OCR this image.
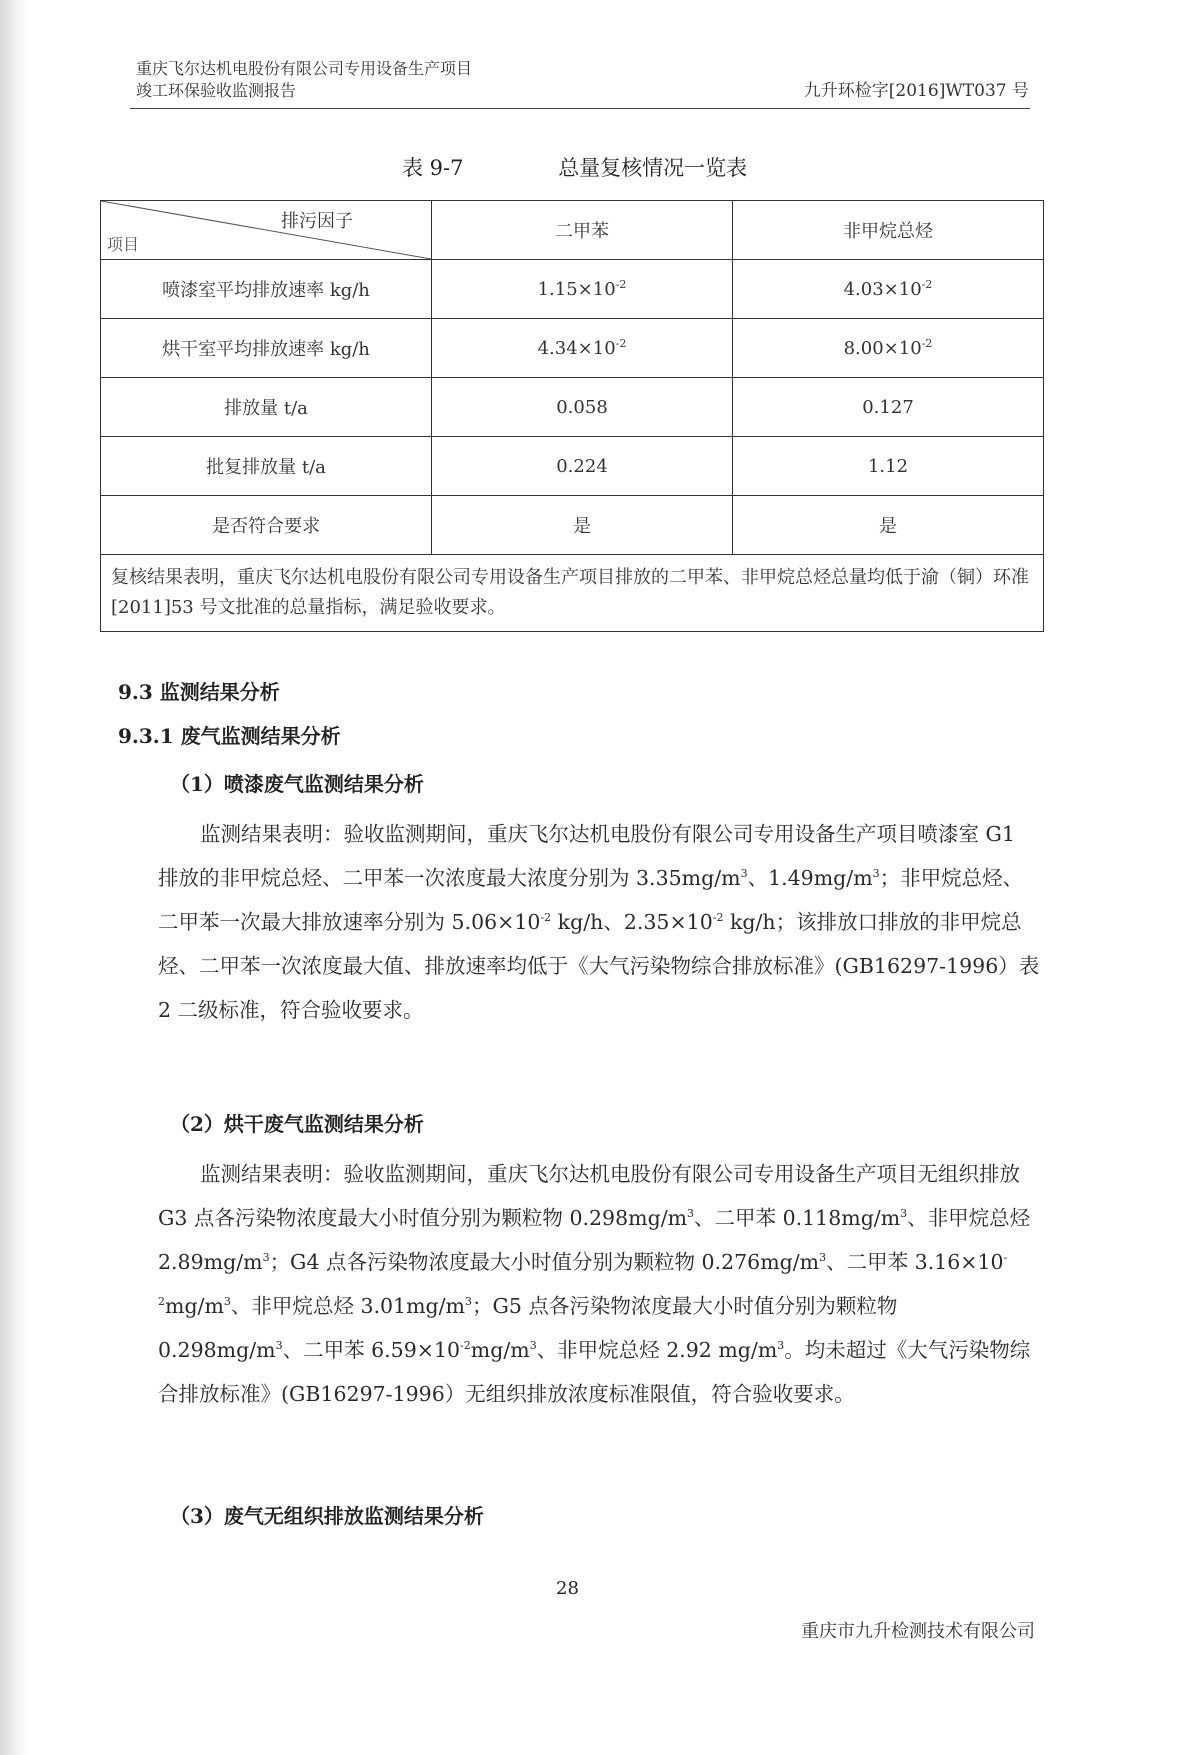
重庆飞尔达机电股份有限公司专用设备生产项目
竣工环保验收监测报告	九升环检字[2016]WT037 号
表 9-7	总量复核情况一览表
排污因子
项目	二甲苯	非甲烷总烃
喷漆室平均排放速率 kg/h	$1.15\times 10^{-2}$	$4.03\times 10^{-2}$
烘干室平均排放速率 kg/h	$4.34\times 10^{-2}$	$8.00\times 10^{-2}$
排放量 t/a	0.058	0.127
批复排放量 t/a	0.224	1.12
是否符合要求	是	是
复核结果表明，重庆飞尔达机电股份有限公司专用设备生产项目排放的二甲苯、非甲烷总烃总量均低于渝（铜）环准[2011]53 号文批准的总量指标，满足验收要求。		
9.3 监测结果分析
9.3.1 废气监测结果分析
（1）喷漆废气监测结果分析
监测结果表明：验收监测期间，重庆飞尔达机电股份有限公司专用设备生产项目喷漆室 G1 排放的非甲烷总烃、二甲苯一次浓度最大浓度分别为 $3.35mg/m^3$、$1.49mg/m^3$；非甲烷总烃、二甲苯一次最大排放速率分别为 $5.06\times 10^{-2}$ kg/h、$2.35\times 10^{-2}$ kg/h；该排放口排放的非甲烷总烃、二甲苯一次浓度最大值、排放速率均低于《大气污染物综合排放标准》(GB16297-1996）表 2 二级标准，符合验收要求。
（2）烘干废气监测结果分析
监测结果表明：验收监测期间，重庆飞尔达机电股份有限公司专用设备生产项目无组织排放 G3 点各污染物浓度最大小时值分别为颗粒物 $0.298mg/m^3$、二甲苯 $0.118mg/m^3$、非甲烷总烃 $2.89mg/m^3$；G4 点各污染物浓度最大小时值分别为颗粒物 $0.276mg/m^3$、二甲苯 $3.16\times 10^{-2}mg/m^3$、非甲烷总烃 $3.01mg/m^3$；G5 点各污染物浓度最大小时值分别为颗粒物 $0.298mg/m^3$、二甲苯 $6.59\times 10^{-2}mg/m^3$、非甲烷总烃 2.92 $mg/m^3$。均未超过《大气污染物综合排放标准》(GB16297-1996）无组织排放浓度标准限值，符合验收要求。
（3）废气无组织排放监测结果分析
28
重庆市九升检测技术有限公司
